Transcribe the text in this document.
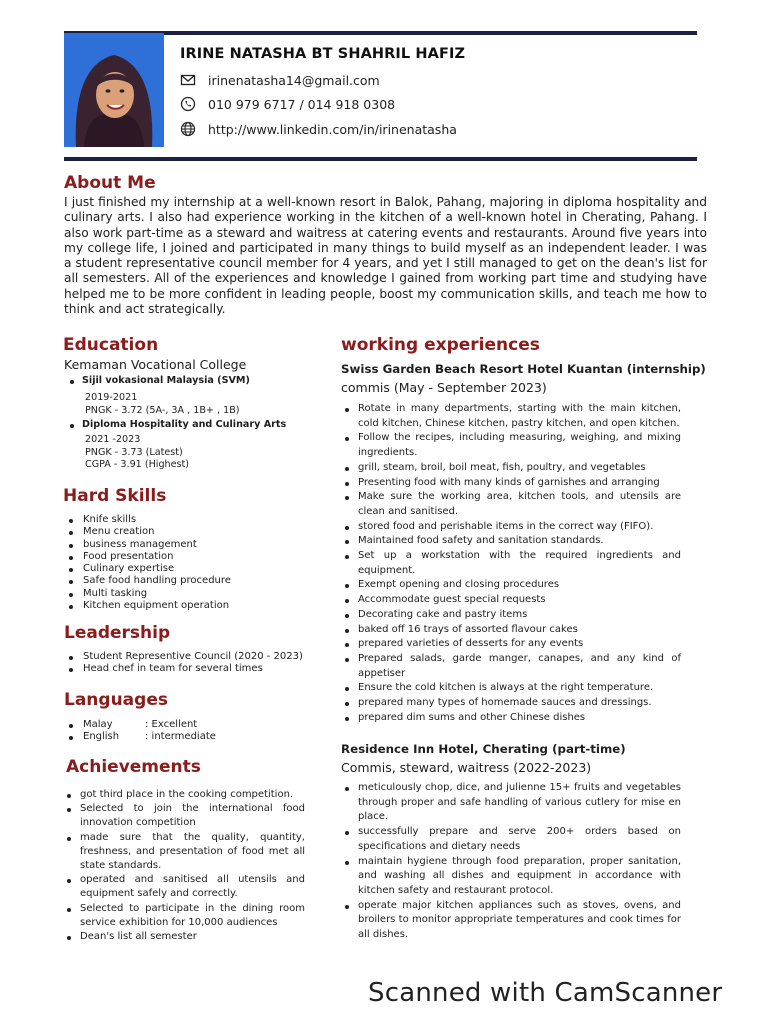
IRINE NATASHA BT SHAHRIL HAFIZ
irinenatasha14@gmail.com
010 979 6717 / 014 918 0308
http://www.linkedin.com/in/irinenatasha
About Me

I just finished my internship at a well-known resort in Balok, Pahang, majoring in diploma hospitality and culinary arts. I also had experience working in the kitchen of a well-known hotel in Cherating, Pahang. I also work part-time as a steward and waitress at catering events and restaurants. Around five years into my college life, I joined and participated in many things to build myself as an independent leader. I was a student representative council member for 4 years, and yet I still managed to get on the dean's list for all semesters. All of the experiences and knowledge I gained from working part time and studying have helped me to be more confident in leading people, boost my communication skills, and teach me how to think and act strategically.

Education
Kemaman Vocational College
Sijil vokasional Malaysia (SVM)
2019-2021
PNGK - 3.72 (5A-, 3A , 1B+ , 1B)
Diploma Hospitality and Culinary Arts
2021 -2023
PNGK - 3.73 (Latest)
CGPA - 3.91 (Highest)
Hard Skills
Knife skills
Menu creation
business management
Food presentation
Culinary expertise
Safe food handling procedure
Multi tasking
Kitchen equipment operation
Leadership
Student Representive Council (2020 - 2023)
Head chef in team for several times
Languages
Malay	: Excellent
English	: intermediate
Achievements
got third place in the cooking competition.
Selected to join the international food innovation competition
made sure that the quality, quantity, freshness, and presentation of food met all state standards.
operated and sanitised all utensils and equipment safely and correctly.
Selected to participate in the dining room service exhibition for 10,000 audiences
Dean's list all semester
working experiences
Swiss Garden Beach Resort Hotel Kuantan (internship)
commis (May - September 2023)
Rotate in many departments, starting with the main kitchen, cold kitchen, Chinese kitchen, pastry kitchen, and open kitchen.
Follow the recipes, including measuring, weighing, and mixing ingredients.
grill, steam, broil, boil meat, fish, poultry, and vegetables
Presenting food with many kinds of garnishes and arranging
Make sure the working area, kitchen tools, and utensils are clean and sanitised.
stored food and perishable items in the correct way (FIFO).
Maintained food safety and sanitation standards.
Set up a workstation with the required ingredients and equipment.
Exempt opening and closing procedures
Accommodate guest special requests
Decorating cake and pastry items
baked off 16 trays of assorted flavour cakes
prepared varieties of desserts for any events
Prepared salads, garde manger, canapes, and any kind of appetiser
Ensure the cold kitchen is always at the right temperature.
prepared many types of homemade sauces and dressings.
prepared dim sums and other Chinese dishes
Residence Inn Hotel, Cherating (part-time)
Commis, steward, waitress (2022-2023)
meticulously chop, dice, and julienne 15+ fruits and vegetables through proper and safe handling of various cutlery for mise en place.
successfully prepare and serve 200+ orders based on specifications and dietary needs
maintain hygiene through food preparation, proper sanitation, and washing all dishes and equipment in accordance with kitchen safety and restaurant protocol.
operate major kitchen appliances such as stoves, ovens, and broilers to monitor appropriate temperatures and cook times for all dishes.
Scanned with CamScanner
